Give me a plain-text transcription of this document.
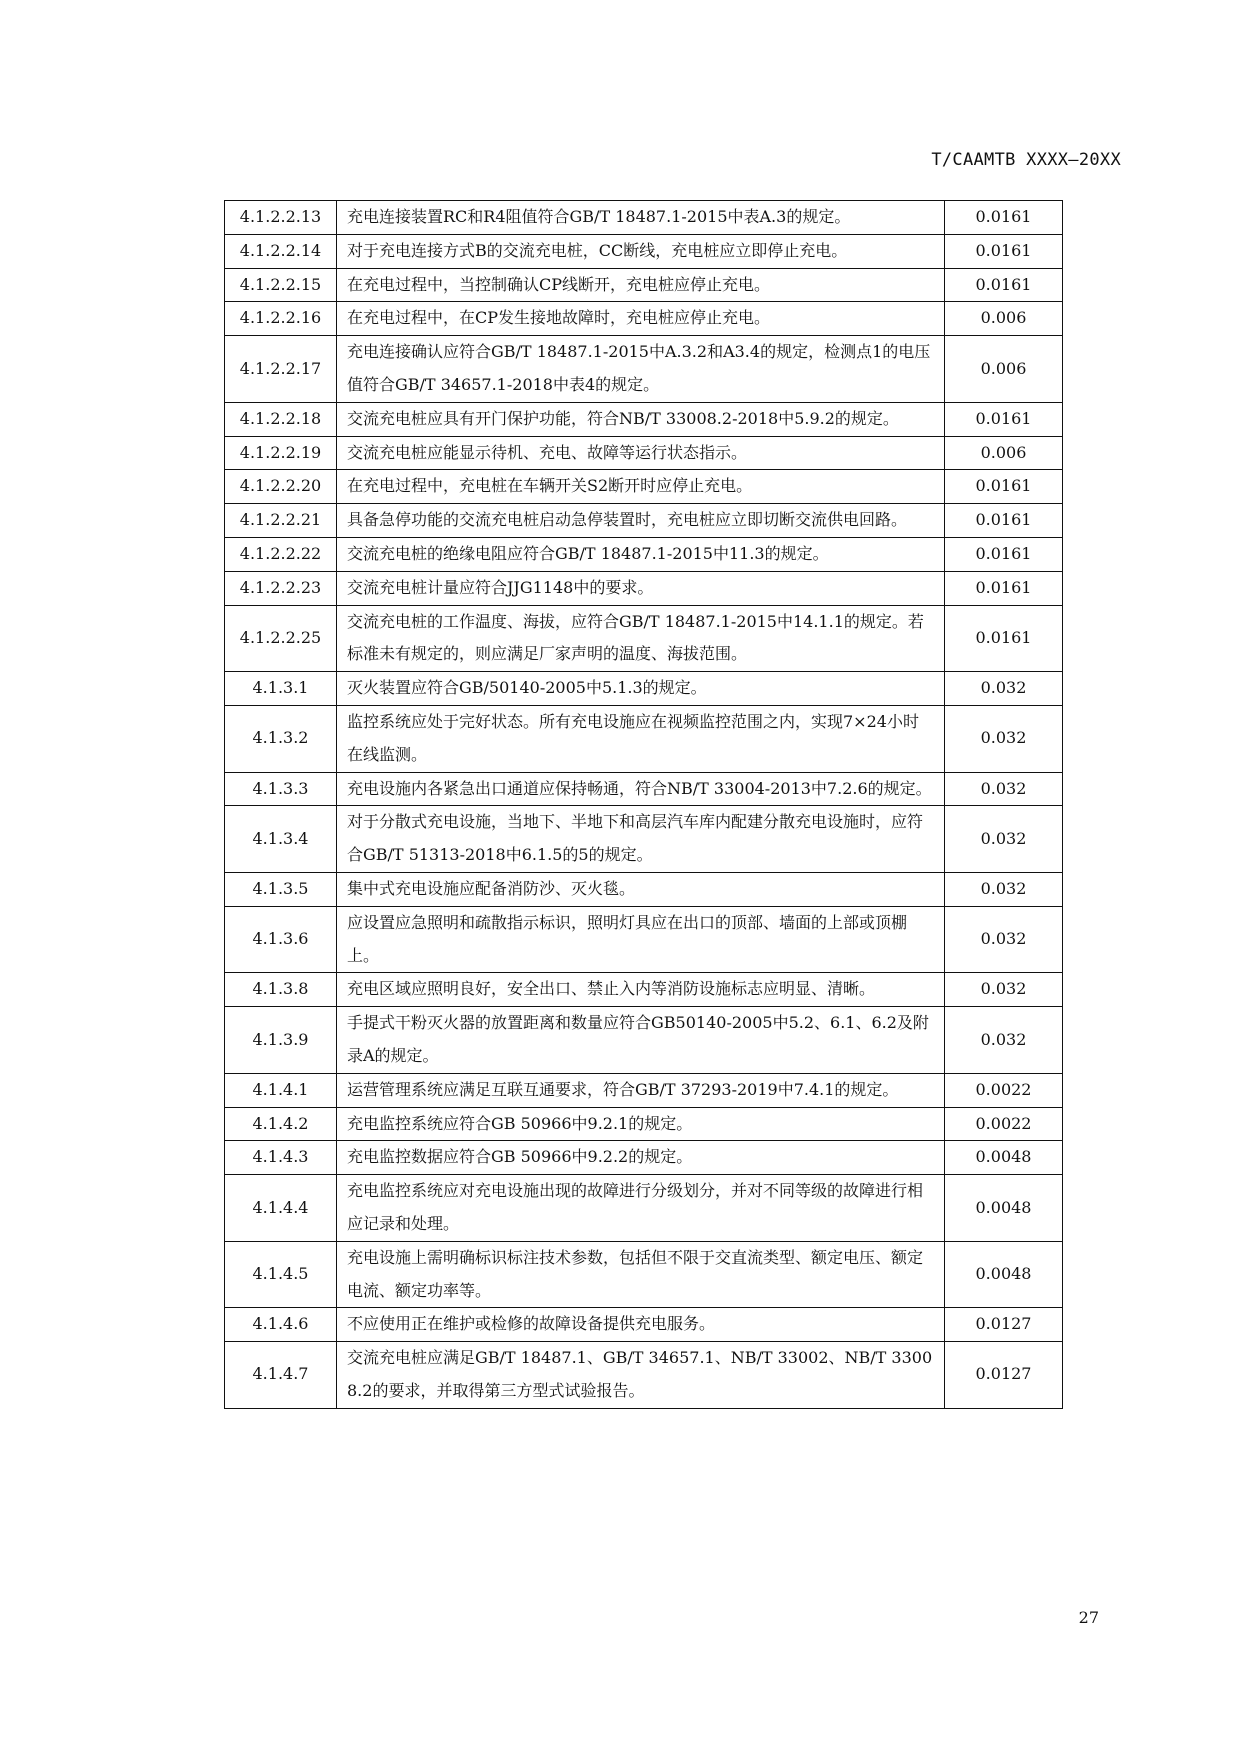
T/CAAMTB XXXX—20XX
4.1.2.2.13	充电连接装置RC和R4阻值符合GB/T 18487.1-2015中表A.3的规定。	0.0161
4.1.2.2.14	对于充电连接方式B的交流充电桩，CC断线，充电桩应立即停止充电。	0.0161
4.1.2.2.15	在充电过程中，当控制确认CP线断开，充电桩应停止充电。	0.0161
4.1.2.2.16	在充电过程中，在CP发生接地故障时，充电桩应停止充电。	0.006
4.1.2.2.17	充电连接确认应符合GB/T 18487.1-2015中A.3.2和A3.4的规定，检测点1的电压值符合GB/T 34657.1-2018中表4的规定。	0.006
4.1.2.2.18	交流充电桩应具有开门保护功能，符合NB/T 33008.2-2018中5.9.2的规定。	0.0161
4.1.2.2.19	交流充电桩应能显示待机、充电、故障等运行状态指示。	0.006
4.1.2.2.20	在充电过程中，充电桩在车辆开关S2断开时应停止充电。	0.0161
4.1.2.2.21	具备急停功能的交流充电桩启动急停装置时，充电桩应立即切断交流供电回路。	0.0161
4.1.2.2.22	交流充电桩的绝缘电阻应符合GB/T 18487.1-2015中11.3的规定。	0.0161
4.1.2.2.23	交流充电桩计量应符合JJG1148中的要求。	0.0161
4.1.2.2.25	交流充电桩的工作温度、海拔，应符合GB/T 18487.1-2015中14.1.1的规定。若标准未有规定的，则应满足厂家声明的温度、海拔范围。	0.0161
4.1.3.1	灭火装置应符合GB/50140-2005中5.1.3的规定。	0.032
4.1.3.2	监控系统应处于完好状态。所有充电设施应在视频监控范围之内，实现7×24小时在线监测。	0.032
4.1.3.3	充电设施内各紧急出口通道应保持畅通，符合NB/T 33004-2013中7.2.6的规定。	0.032
4.1.3.4	对于分散式充电设施，当地下、半地下和高层汽车库内配建分散充电设施时，应符合GB/T 51313-2018中6.1.5的5的规定。	0.032
4.1.3.5	集中式充电设施应配备消防沙、灭火毯。	0.032
4.1.3.6	应设置应急照明和疏散指示标识，照明灯具应在出口的顶部、墙面的上部或顶棚上。	0.032
4.1.3.8	充电区域应照明良好，安全出口、禁止入内等消防设施标志应明显、清晰。	0.032
4.1.3.9	手提式干粉灭火器的放置距离和数量应符合GB50140-2005中5.2、6.1、6.2及附录A的规定。	0.032
4.1.4.1	运营管理系统应满足互联互通要求，符合GB/T 37293-2019中7.4.1的规定。	0.0022
4.1.4.2	充电监控系统应符合GB 50966中9.2.1的规定。	0.0022
4.1.4.3	充电监控数据应符合GB 50966中9.2.2的规定。	0.0048
4.1.4.4	充电监控系统应对充电设施出现的故障进行分级划分，并对不同等级的故障进行相应记录和处理。	0.0048
4.1.4.5	充电设施上需明确标识标注技术参数，包括但不限于交直流类型、额定电压、额定电流、额定功率等。	0.0048
4.1.4.6	不应使用正在维护或检修的故障设备提供充电服务。	0.0127
4.1.4.7	交流充电桩应满足GB/T 18487.1、GB/T 34657.1、NB/T 33002、NB/T 33008.2的要求，并取得第三方型式试验报告。	0.0127
27
